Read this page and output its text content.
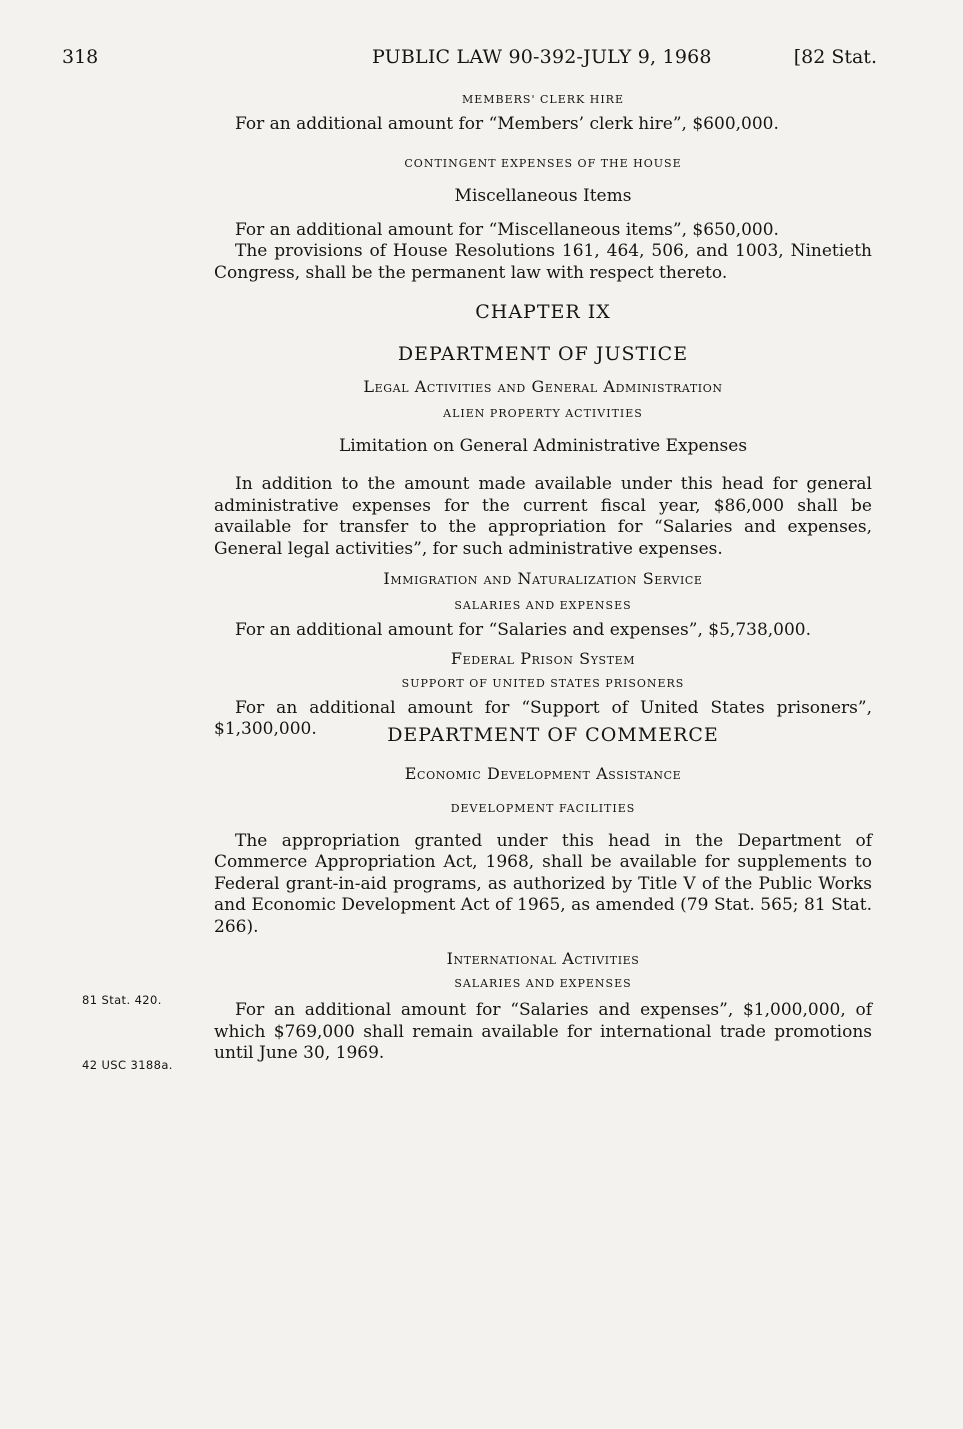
318	PUBLIC LAW 90-392-JULY 9, 1968	[82 Stat.

MEMBERS' CLERK HIRE

For an additional amount for “Members’ clerk hire”, $600,000.

CONTINGENT EXPENSES OF THE HOUSE

Miscellaneous Items

For an additional amount for “Miscellaneous items”, $650,000.

The provisions of House Resolutions 161, 464, 506, and 1003, Ninetieth Congress, shall be the permanent law with respect thereto.

CHAPTER IX

DEPARTMENT OF JUSTICE

Legal Activities and General Administration

ALIEN PROPERTY ACTIVITIES

Limitation on General Administrative Expenses

In addition to the amount made available under this head for general administrative expenses for the current fiscal year, $86,000 shall be available for transfer to the appropriation for “Salaries and expenses, General legal activities”, for such administrative expenses.

Immigration and Naturalization Service

SALARIES AND EXPENSES

For an additional amount for “Salaries and expenses”, $5,738,000.

Federal Prison System

SUPPORT OF UNITED STATES PRISONERS

For an additional amount for “Support of United States prisoners”, $1,300,000.	DEPARTMENT OF COMMERCE

Economic Development Assistance

DEVELOPMENT FACILITIES

The appropriation granted under this head in the Department of Commerce Appropriation Act, 1968, shall be available for supplements to Federal grant-in-aid programs, as authorized by Title V of the Public Works and Economic Development Act of 1965, as amended (79 Stat. 565; 81 Stat. 266).

International Activities

SALARIES AND EXPENSES

For an additional amount for “Salaries and expenses”, $1,000,000, of which $769,000 shall remain available for international trade promotions until June 30, 1969.

81 Stat. 420.
42 USC 3188a.
